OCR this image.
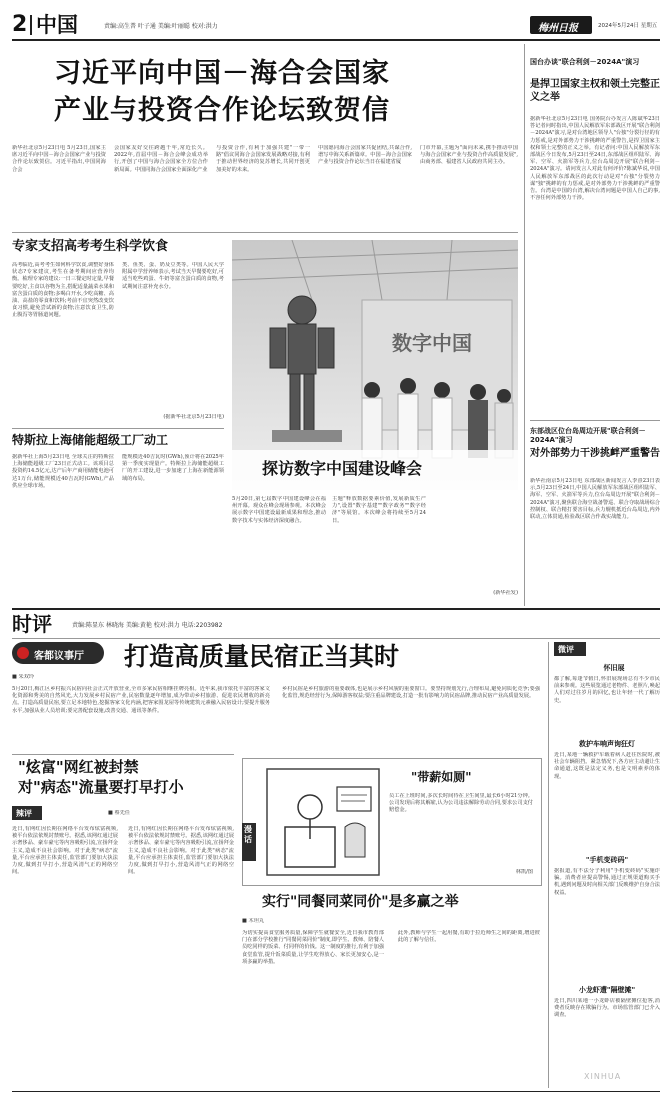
2 中国	责编:高生普 叶子通 美编:叶丽聪 校对:洪力	梅州日报	2024年5月24日 星期五
习近平向中国－海合会国家
产业与投资合作论坛致贺信
新华社北京5月23日电 5月23日,国家主席习近平向中国－海合会国家产业与投资合作论坛致贺信。习近平指出,中国同海合会
会国家友好交往跨越千年,常近长久。2022年,首届中国－海合会峰会成功举行,开创了中国与海合会国家全方位合作新局面。中国同海合会国家全面深化产业
与投资合作,有利于加强共建"一带一路"倡议同海合会国家发展战略对接,有利于推动世界经济的复苏增长,共同开创更加美好的未来。
中国愿同海合会国家共促团结,共谋合作,谱写中海关系新篇章。中国－海合会国家产业与投资合作论坛当日在福建省厦
门市开幕,主题为"面向未来,携手推动中国与海合会国家产业与投资合作高质量发展",由商务部、福建省人民政府共同主办。
国台办谈"联合利剑－2024A"演习
是捍卫国家主权和领土完整正义之举
据新华社北京5月23日电 国务院台办发言人陈斌华23日答记者问时指出,中国人民解放军东部战区开展"联合利剑－2024A"演习,是对台湾地区领导人"台独"分裂行径的有力惩戒,是对外部势力干涉挑衅的严重警告,是捍卫国家主权和领土完整的正义之举。有记者问:中国人民解放军东部战区今日发布,5月23日至24日,东部战区组织陆军、海军、空军、火箭军等兵力,位台岛周边开展"联合利剑－2024A"演习。请问发言人对此有何评价?陈斌华说,中国人民解放军东部战区的此次行动是对"台独"分裂势力谋"独"挑衅的有力惩戒,是对外部势力干涉挑衅的严重警告。台湾是中国的台湾,解决台湾问题是中国人自己的事,不容任何外部势力干涉。
东部战区位台岛周边开展"联合利剑－2024A"演习
对外部势力干涉挑衅严重警告
新华社南京5月23日电 东部战区新闻发言人李熹23日表示,5月23日至24日,中国人民解放军东部战区组织陆军、海军、空军、火箭军等兵力,位台岛周边开展"联合利剑－2024A"演习,聚焦联合海空战备警巡、联合夺取战场综合控制权、联合精打要害目标,兵力舰机抵近台岛周边,内外联动,立体贯通,检验战区联合作战实战能力。
专家支招高考考生科学饮食
高考临近,高考考生如何科学饮食,调整好身体状态?专家建议,考生在备考期间应营养均衡。梳理专家的建议:一日三餐定时定量,早餐要吃好,主食以谷物为主,搭配适量蔬菜水果和富含蛋白质的食物;多喝白开水,少吃高糖、高油、高盐的零食和饮料;考前不宜突然改变饮食习惯,避免尝试新的食物;注意饮食卫生,防止腹泻等胃肠道问题。
类、鱼类、蛋、奶及豆类等。中国人民大学附属中学营养师表示,考试当天早餐要吃好,可适当吃些鸡蛋、牛奶等富含蛋白质的食物,考试期间注意补充水分。
(据新华社北京5月23日电)
特斯拉上海储能超级工厂动工
据新华社上海5月23日电 全球关注的特斯拉上海储能超级工厂23日正式动工。该项目总投资约14.5亿元,达产后年产商用储能电池可达1万台,储能规模近40吉瓦时(GWh),产品供应全球市场。
能规模近40吉瓦时(GWh),预计将在2025年第一季度实现量产。特斯拉上海储能超级工厂的开工建设,进一步加速了上海在新能源领域的布局。
数字中国
探访数字中国建设峰会
5月20日,第七届数字中国建设峰会在福州开幕。观众在峰会现场参观。本次峰会展示数字中国建设最新成果和理念,推动数字技术与实体经济深度融合。
主题"释放数据要素价值,发展新质生产力",设置"数字基建""数字政务""数字经济"等展馆。本次峰会将持续至5月24日。
(新华社发)
时评	责编:陈显东 林晓海 美编:黄艳 校对:洪力 电话:2203982
客都议事厅 打造高质量民宿正当其时
■ 朱双玲
5月20日,梅江区乡村振兴民宿向社会正式开放营业,全市多家民宿相继挂牌亮相。近年来,我市依托丰富的客家文化资源和秀美的自然风光,大力发展乡村民宿产业,民宿数量逐年增加,成为带动乡村旅游、促进农民增收的新亮点。打造高质量民宿,要立足本地特色,挖掘客家文化内涵,把客家围龙屋等传统建筑元素融入民宿设计;要提升服务水平,加强从业人员培训;要完善配套设施,改善交通、通讯等条件。
乡村民宿是乡村旅游的重要载体,也是展示乡村风貌的重要窗口。要坚持规划先行,合理布局,避免同质化竞争;要强化监管,规范经营行为,保障游客权益;要注重品牌建设,打造一批有影响力的民宿品牌,推动民宿产业高质量发展。
"炫富"网红被封禁
对"病态"流量要打早打小
辣评	■ 蔡先任
近日,有网红因长期在网络平台发布炫富视频,被平台依法依规封禁账号。据悉,该网红通过展示奢侈品、豪车豪宅等内容吸粉引流,宣扬拜金主义,造成不良社会影响。对于此类"病态"流量,平台应承担主体责任,监管部门要加大执法力度,做到打早打小,营造风清气正的网络空间。
近日,有网红因长期在网络平台发布炫富视频,被平台依法依规封禁账号。据悉,该网红通过展示奢侈品、豪车豪宅等内容吸粉引流,宣扬拜金主义,造成不良社会影响。对于此类"病态"流量,平台应承担主体责任,监管部门要加大执法力度,做到打早打小,营造风清气正的网络空间。
漫话
"带薪如厕"
员工在上班时间,多次长时间待在卫生间里,最长6小时21分钟。公司发现后将其解雇,认为公司违法解除劳动合同,要求公司支付赔偿金。
林凯/图
实行"同餐同菜同价"是多赢之举
■ 木坦丸
为切实提高食堂服务质量,保障学生就餐安全,近日我市教育部门在部分学校推行"同餐同菜同价"制度,即学生、教师、陪餐人员吃同样的饭菜、付同样的价钱。这一制度的推行,有利于加强食堂监管,提升饭菜质量,让学生吃得放心、家长更加安心,是一项多赢的举措。
此外,教师与学生一起用餐,有助于拉近师生之间的距离,增进彼此的了解与信任。
微评
怀旧展
都了解,每逢节假日,怀旧展现场总有不少市民前来参观。这些展览通过老物件、老照片,唤起人们对过往岁月的回忆,也让年轻一代了解历史。
救护车响声询狂灯
近日,某地一辆救护车载着病人赶往医院时,被社会车辆阻挡。紧急情况下,各方应主动避让生命通道,这既是法定义务,也是文明素养的体现。
"手机变砖码"
据报道,有不法分子利用"手机变砖码"实施诈骗。消费者应提高警惕,通过正规渠道购买手机,遇到问题及时向相关部门反映维护自身合法权益。
小龙虾遭"隔壁摊"
近日,四川某地一小龙虾店被隔壁摊位抢客,消费者反映存在欺骗行为。市场监管部门已介入调查。
XINHUA
